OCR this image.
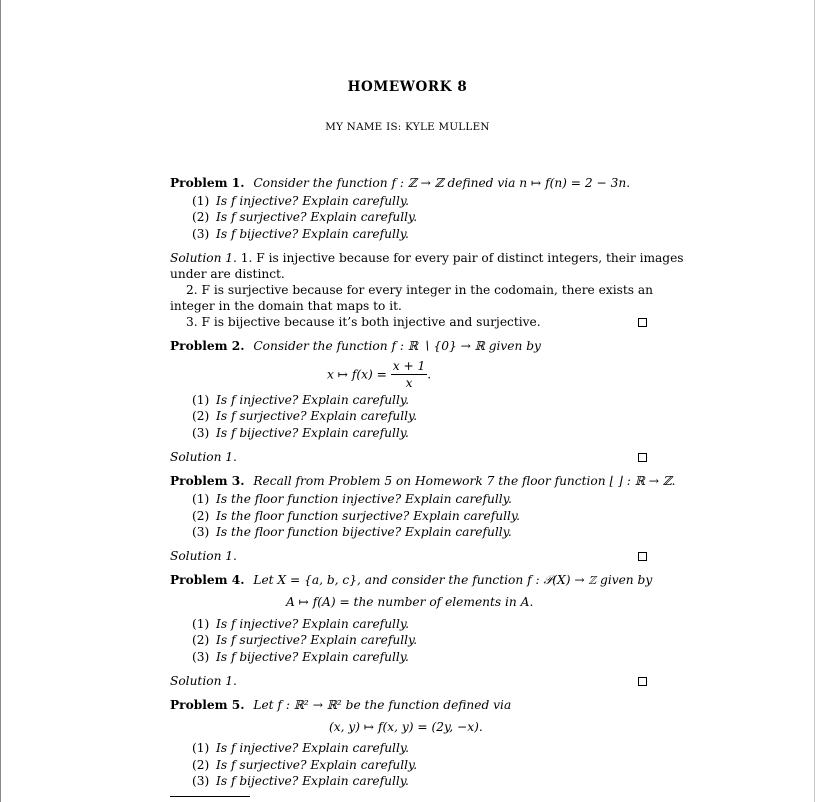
HOMEWORK 8
MY NAME IS: KYLE MULLEN
Problem 1. Consider the function f : ℤ → ℤ defined via n ↦ f(n) = 2 − 3n.
(1) Is f injective? Explain carefully.
(2) Is f surjective? Explain carefully.
(3) Is f bijective? Explain carefully.
Solution 1. 1. F is injective because for every pair of distinct integers, their images
under are distinct.
2. F is surjective because for every integer in the codomain, there exists an
integer in the domain that maps to it.
3. F is bijective because it’s both injective and surjective.
Problem 2. Consider the function f : ℝ ∖ {0} → ℝ given by
x ↦ $f(x) = \frac{x + 1}{x}$ .
(1) Is f injective? Explain carefully.
(2) Is f surjective? Explain carefully.
(3) Is f bijective? Explain carefully.
Solution 1.
Problem 3. Recall from Problem 5 on Homework 7 the floor function ⌊ ⌋ : ℝ → ℤ.
(1) Is the floor function injective? Explain carefully.
(2) Is the floor function surjective? Explain carefully.
(3) Is the floor function bijective? Explain carefully.
Solution 1.
Problem 4. Let X = {a, b, c}, and consider the function f : 𝒫(X) → ℤ given by
A ↦ f(A) = the number of elements in A.
(1) Is f injective? Explain carefully.
(2) Is f surjective? Explain carefully.
(3) Is f bijective? Explain carefully.
Solution 1.
Problem 5. Let f : ℝ² → ℝ² be the function defined via
(x, y) ↦ f(x, y) = (2y, −x).
(1) Is f injective? Explain carefully.
(2) Is f surjective? Explain carefully.
(3) Is f bijective? Explain carefully.
